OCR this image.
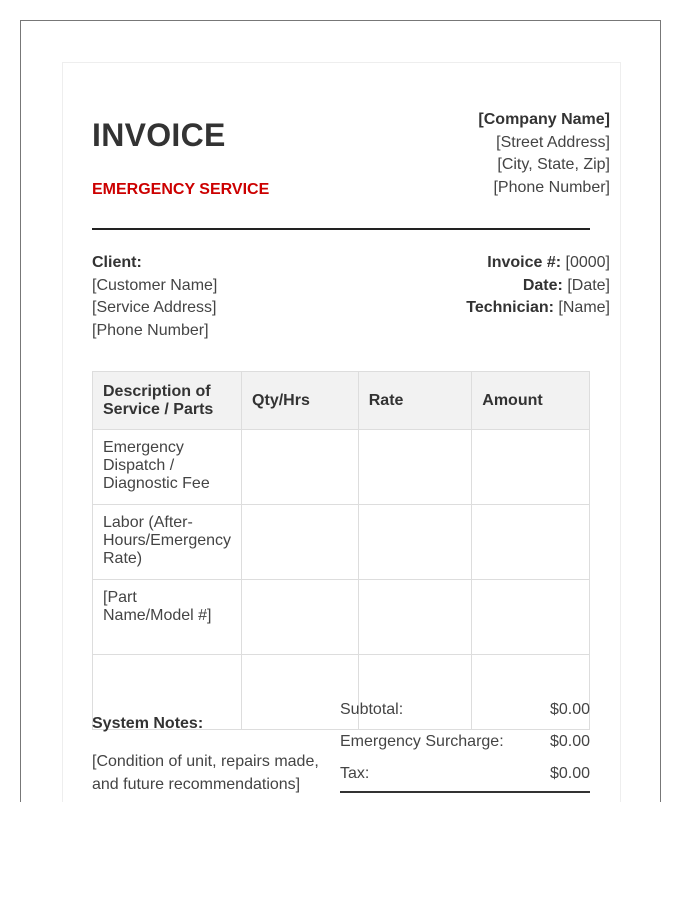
INVOICE
EMERGENCY SERVICE
[Company Name]
[Street Address]
[City, State, Zip]
[Phone Number]
Client:
[Customer Name]
[Service Address]
[Phone Number]
Invoice #: [0000]
Date: [Date]
Technician: [Name]
Description of Service / Parts	Qty/Hrs	Rate	Amount
Emergency Dispatch / Diagnostic Fee			
Labor (After-Hours/Emergency Rate)			
[Part Name/Model #]			

System Notes:
[Condition of unit, repairs made, and future recommendations]
Subtotal:	$0.00
Emergency Surcharge:	$0.00
Tax:	$0.00
